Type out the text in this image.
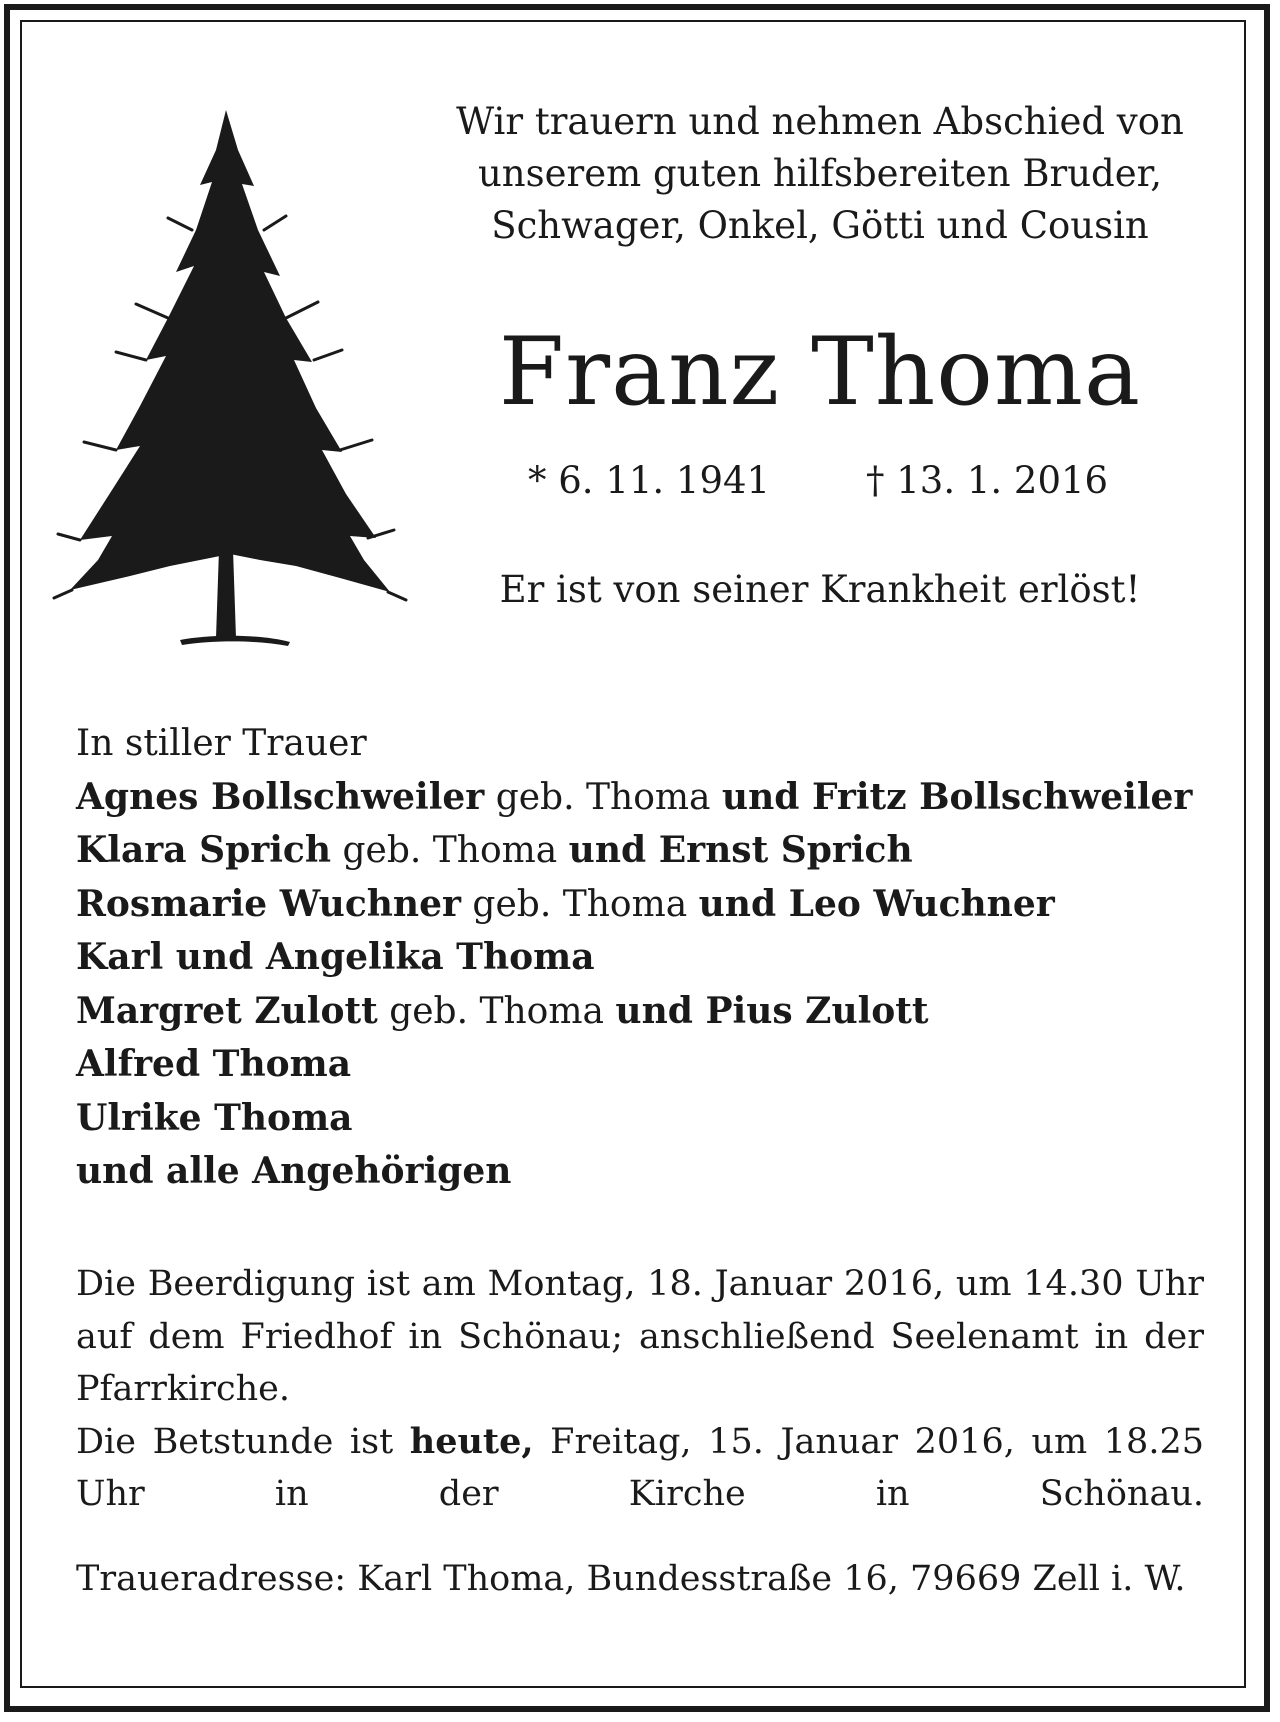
Wir trauern und nehmen Abschied von
unserem guten hilfsbereiten Bruder,
Schwager, Onkel, Götti und Cousin
Franz Thoma
* 6. 11. 1941	† 13. 1. 2016
Er ist von seiner Krankheit erlöst!
In stiller Trauer
Agnes Bollschweiler geb. Thoma und Fritz Bollschweiler
Klara Sprich geb. Thoma und Ernst Sprich
Rosmarie Wuchner geb. Thoma und Leo Wuchner
Karl und Angelika Thoma
Margret Zulott geb. Thoma und Pius Zulott
Alfred Thoma
Ulrike Thoma
und alle Angehörigen

Die Beerdigung ist am Montag, 18. Januar 2016, um 14.30 Uhr auf dem Friedhof in Schönau; anschließend Seelenamt in der Pfarrkirche.

Die Betstunde ist heute, Freitag, 15. Januar 2016, um 18.25 Uhr in der Kirche in Schönau.

Traueradresse: Karl Thoma, Bundesstraße 16, 79669 Zell i. W.
